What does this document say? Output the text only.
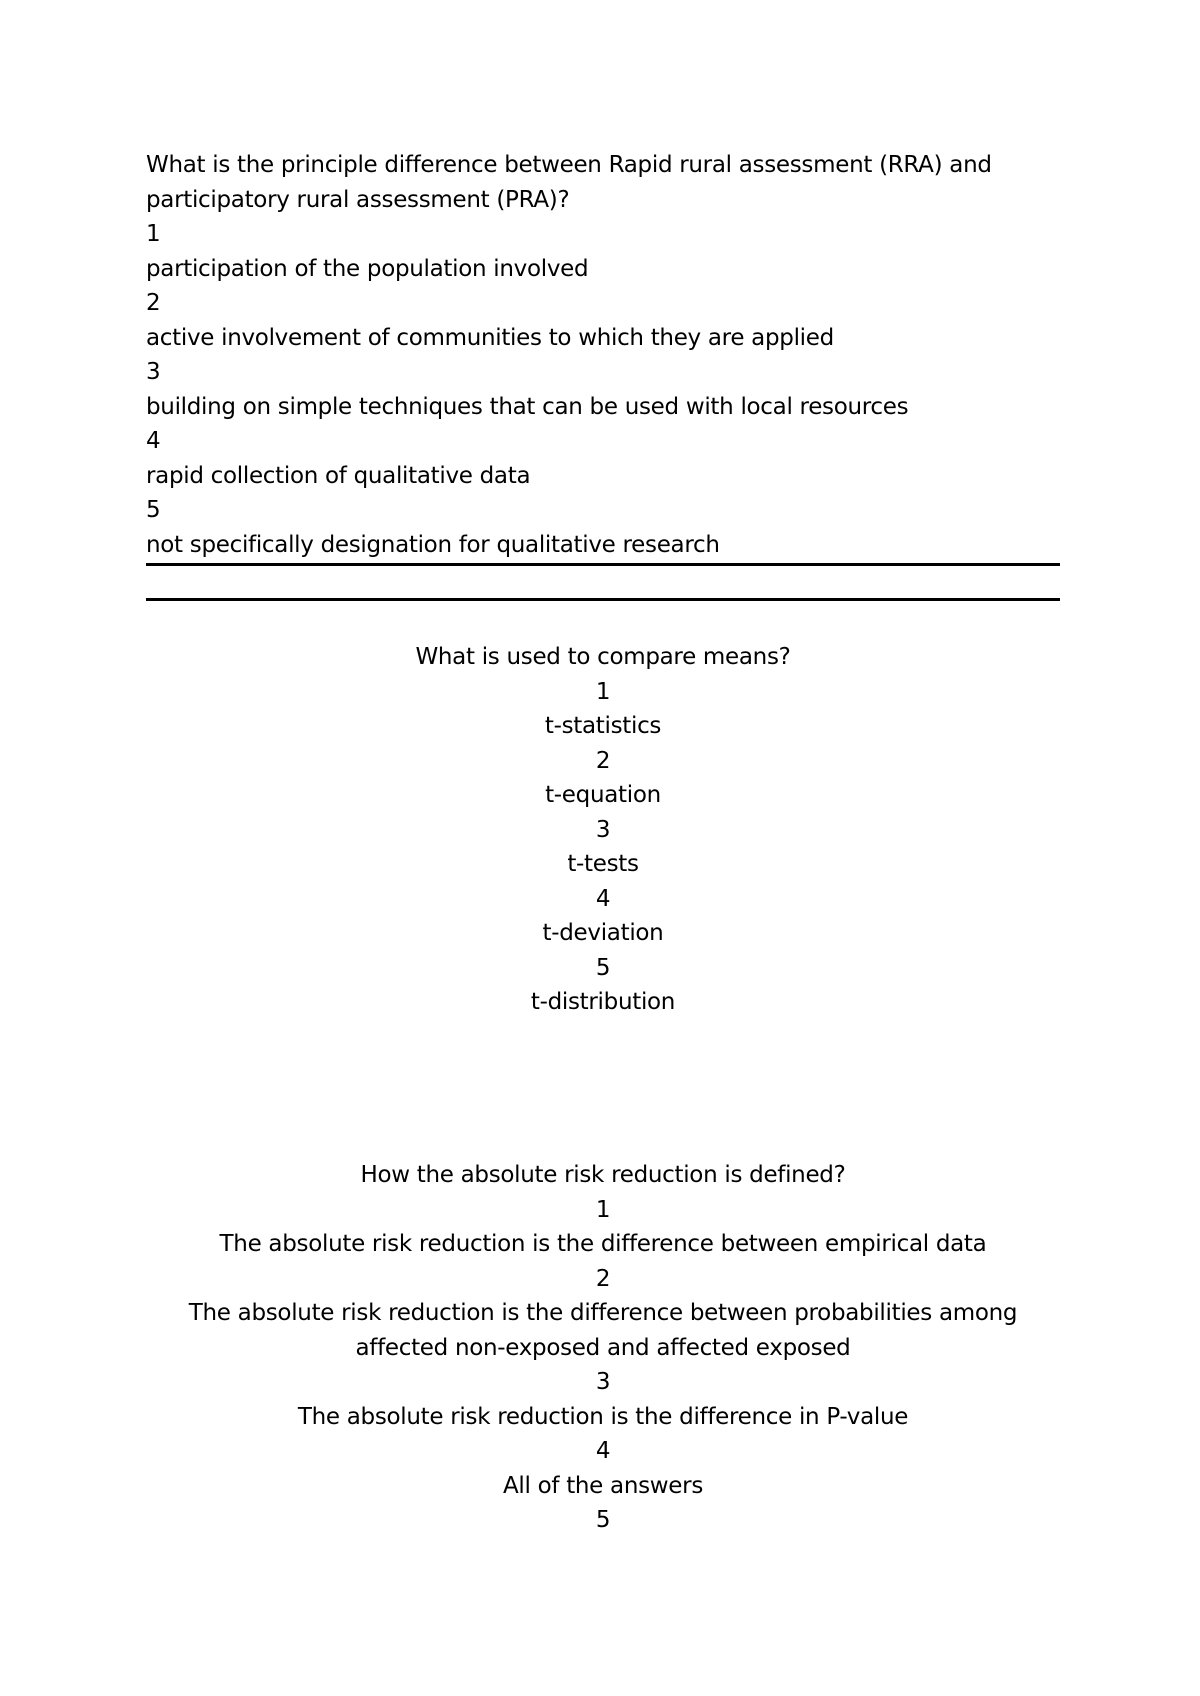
What is the principle difference between Rapid rural assessment (RRA) and
participatory rural assessment (PRA)?
1
participation of the population involved
2
active involvement of communities to which they are applied
3
building on simple techniques that can be used with local resources
4
rapid collection of qualitative data
5
not specifically designation for qualitative research
What is used to compare means?
1
t-statistics
2
t-equation
3
t-tests
4
t-deviation
5
t-distribution
How the absolute risk reduction is defined?
1
The absolute risk reduction is the difference between empirical data
2
The absolute risk reduction is the difference between probabilities among
affected non-exposed and affected exposed
3
The absolute risk reduction is the difference in P-value
4
All of the answers
5
